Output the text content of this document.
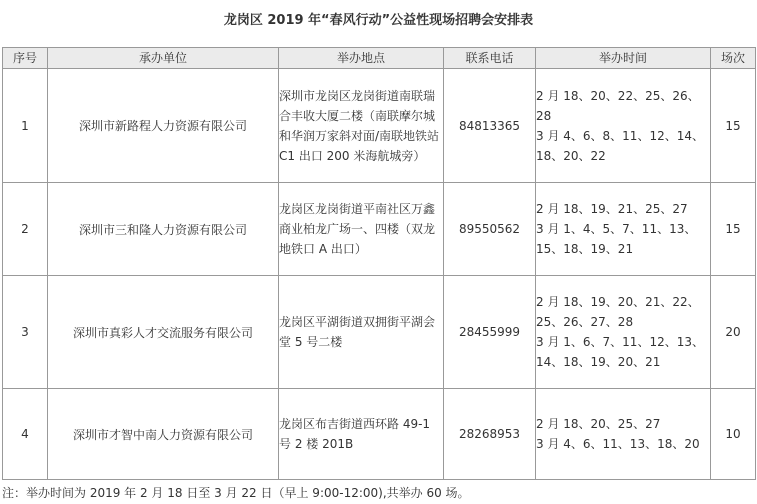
龙岗区 2019 年“春风行动”公益性现场招聘会安排表
序号	承办单位	举办地点	联系电话	举办时间	场次
1	深圳市新路程人力资源有限公司	深圳市龙岗区龙岗街道南联瑞合丰收大厦二楼（南联摩尔城和华润万家斜对面/南联地铁站 C1 出口 200 米海航城旁）	84813365	2 月 18、20、22、25、26、28
3 月 4、6、8、11、12、14、18、20、22	15
2	深圳市三和隆人力资源有限公司	龙岗区龙岗街道平南社区万鑫商业柏龙广场一、四楼（双龙地铁口 A 出口）	89550562	2 月 18、19、21、25、27
3 月 1、4、5、7、11、13、15、18、19、21	15
3	深圳市真彩人才交流服务有限公司	龙岗区平湖街道双拥街平湖会堂 5 号二楼	28455999	2 月 18、19、20、21、22、25、26、27、28
3 月 1、6、7、11、12、13、14、18、19、20、21	20
4	深圳市才智中南人力资源有限公司	龙岗区布吉街道西环路 49-1 号 2 楼 201B	28268953	2 月 18、20、25、27
3 月 4、6、11、13、18、20	10
注：举办时间为 2019 年 2 月 18 日至 3 月 22 日（早上 9:00-12:00),共举办 60 场。
